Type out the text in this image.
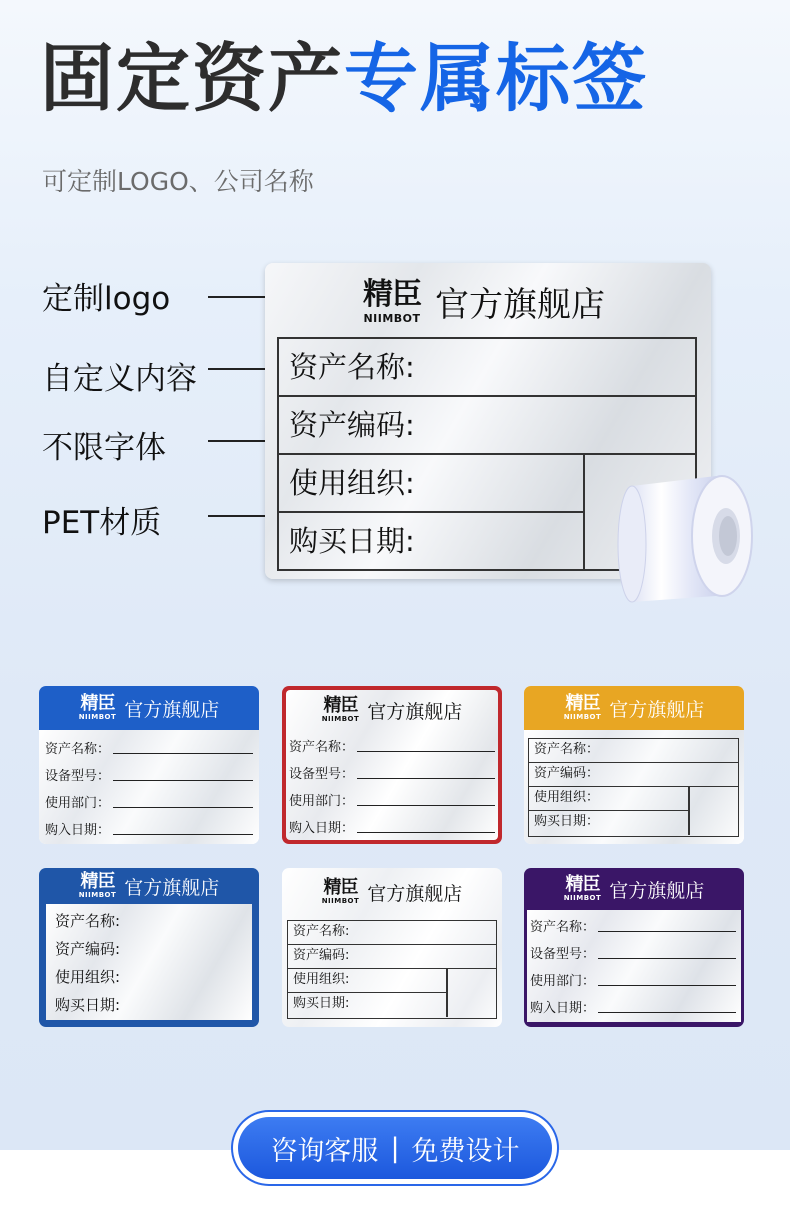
固定资产专属标签
可定制LOGO、公司名称
定制logo
自定义内容
不限字体
PET材质
精臣
NIIMBOT 官方旗舰店
资产名称:
资产编码:
使用组织:
购买日期:
精臣
NIIMBOT 官方旗舰店
资产名称：
设备型号：
使用部门：
购入日期：
精臣
NIIMBOT 官方旗舰店
资产名称：
设备型号：
使用部门：
购入日期：
精臣
NIIMBOT 官方旗舰店
资产名称：
资产编码：
使用组织：
购买日期：
精臣
NIIMBOT 官方旗舰店
资产名称:
资产编码:
使用组织:
购买日期:
精臣
NIIMBOT 官方旗舰店
资产名称:
资产编码:
使用组织:
购买日期:
精臣
NIIMBOT 官方旗舰店
资产名称：
设备型号：
使用部门：
购入日期：
咨询客服 | 免费设计
